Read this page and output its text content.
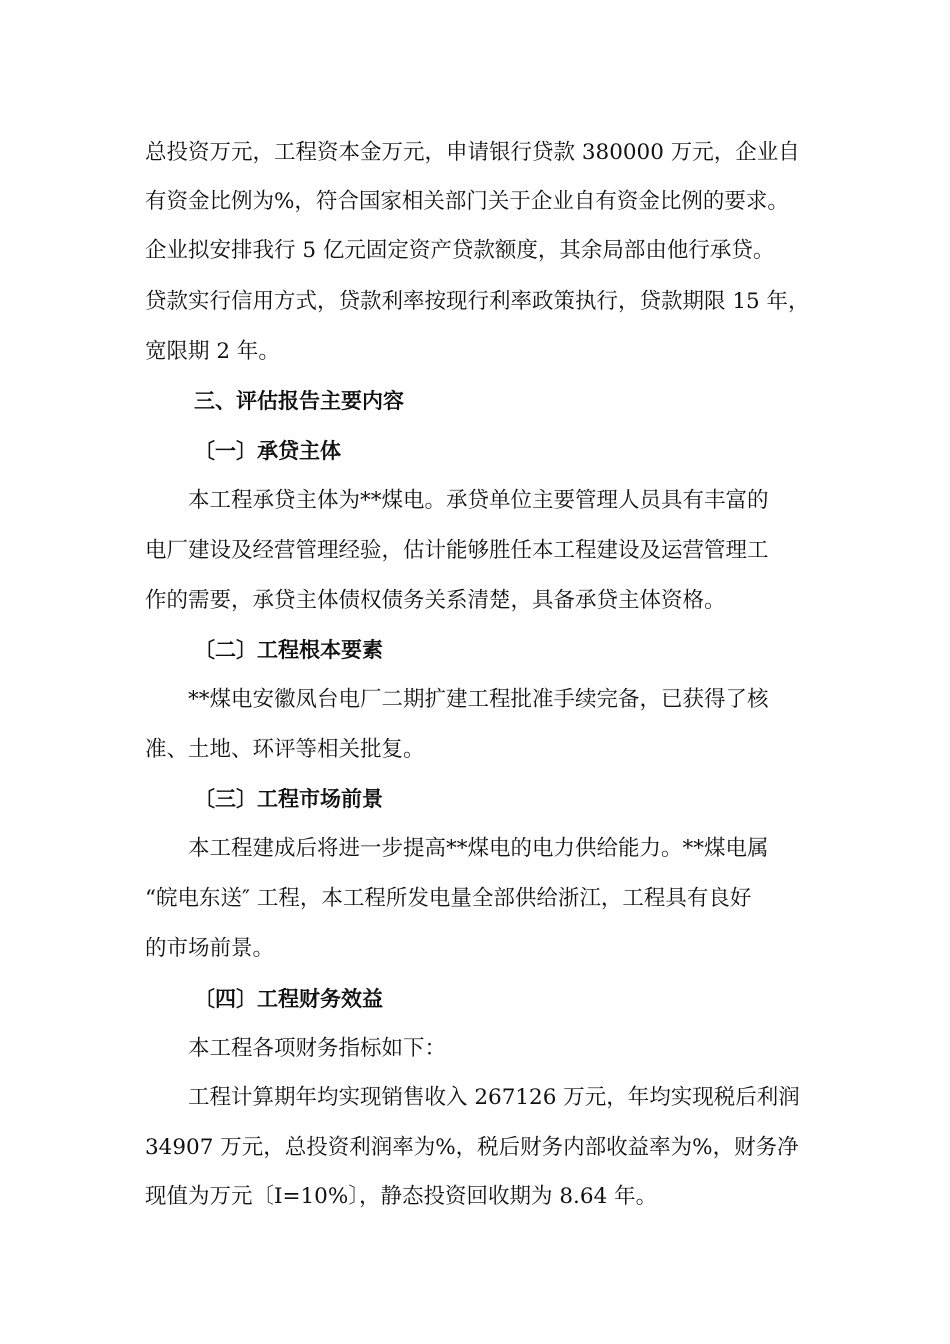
总投资万元，工程资本金万元，申请银行贷款 380000 万元，企业自
有资金比例为%，符合国家相关部门关于企业自有资金比例的要求。
企业拟安排我行 5 亿元固定资产贷款额度，其余局部由他行承贷。
贷款实行信用方式，贷款利率按现行利率政策执行，贷款期限 15 年，
宽限期 2 年。
三、评估报告主要内容
〔一〕承贷主体
本工程承贷主体为**煤电。承贷单位主要管理人员具有丰富的
电厂建设及经营管理经验，估计能够胜任本工程建设及运营管理工
作的需要，承贷主体债权债务关系清楚，具备承贷主体资格。
〔二〕工程根本要素
**煤电安徽凤台电厂二期扩建工程批准手续完备，已获得了核
准、土地、环评等相关批复。
〔三〕工程市场前景
本工程建成后将进一步提高**煤电的电力供给能力。**煤电属
“皖电东送″ 工程，本工程所发电量全部供给浙江，工程具有良好
的市场前景。
〔四〕工程财务效益
本工程各项财务指标如下：
工程计算期年均实现销售收入 267126 万元，年均实现税后利润
34907 万元，总投资利润率为%，税后财务内部收益率为%，财务净
现值为万元〔I=10%〕，静态投资回收期为 8.64 年。
